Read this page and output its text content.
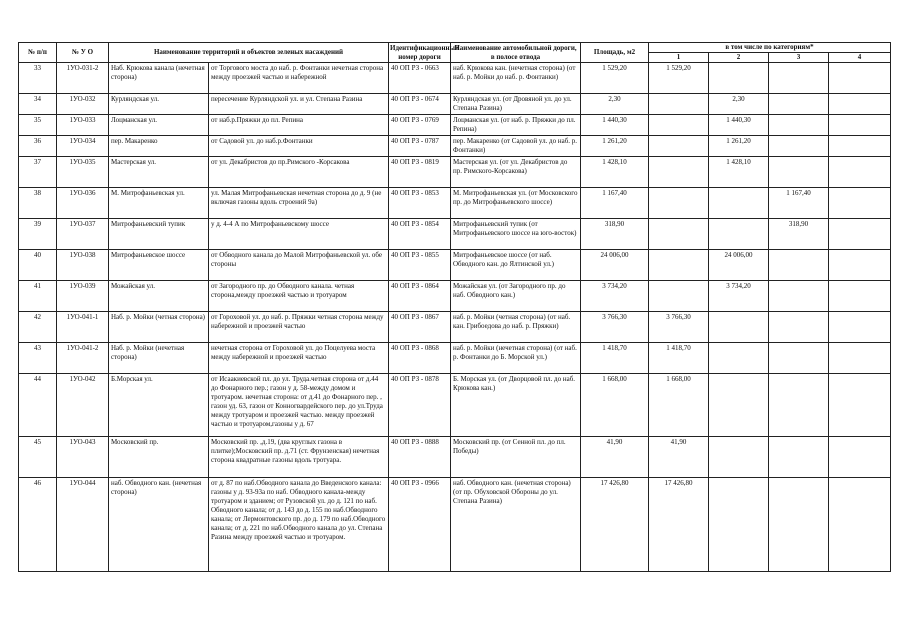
№ п/п	№ У О	Наименование территорий и объектов зеленых насаждений		Идентификационный номер дороги	Наименование автомобильной дороги, в полосе отвода	Площадь, м2	в том числе по категориям*			
							1	2	3	4
33	1УО-031-2	Наб. Крюкова канала (нечетная сторона)	от Торгового моста до наб. р. Фонтанки нечетная сторона между проезжей частью и набережной	40 ОП РЗ - 0663	наб. Крюкова кан. (нечетная сторона) (от наб. р. Мойки до наб. р. Фонтанки)	1 529,20	1 529,20			
34	1УО-032	Курляндская ул.	пересечение Курляндской ул. и ул. Степана Разина	40 ОП РЗ - 0674	Курляндская ул. (от Дровяной ул. до ул. Степана Разина)	2,30		2,30		
35	1УО-033	Лоцманская ул.	от наб.р.Пряжки до пл. Репина	40 ОП РЗ - 0769	Лоцманская ул. (от наб. р. Пряжки до пл. Репина)	1 440,30		1 440,30		
36	1УО-034	пер. Макаренко	от Садовой ул. до наб.р.Фонтанки	40 ОП РЗ - 0787	пер. Макаренко (от Садовой ул. до наб. р. Фонтанки)	1 261,20		1 261,20		
37	1УО-035	Мастерская ул.	от ул. Декабристов до пр.Римского -Корсакова	40 ОП РЗ - 0819	Мастерская ул. (от ул. Декабристов до пр. Римского-Корсакова)	1 428,10		1 428,10		
38	1УО-036	М. Митрофаньевская ул.	ул. Малая Митрофаньевская нечетная сторона до д. 9 (не включая газоны вдоль строений 9а)	40 ОП РЗ - 0853	М. Митрофаньевская ул. (от Московского пр. до Митрофаньевского шоссе)	1 167,40			1 167,40	
39	1УО-037	Митрофаньевский тупик	у д. 4-4 А по Митрофаньевскому шоссе	40 ОП РЗ - 0854	Митрофаньевский тупик (от Митрофаньевского шоссе на юго-восток)	318,90			318,90	
40	1УО-038	Митрофаньевское шоссе	от Обводного канала до Малой Митрофаньевской ул. обе стороны	40 ОП РЗ - 0855	Митрофаньевское шоссе (от наб. Обводного кан. до Ялтинской ул.)	24 006,00		24 006,00		
41	1УО-039	Можайская ул.	от Загородного пр. до Обводного канала. четная сторона,между проезжей частью и тротуаром	40 ОП РЗ - 0864	Можайская ул. (от Загородного пр. до наб. Обводного кан.)	3 734,20		3 734,20		
42	1УО-041-1	Наб. р. Мойки (четная сторона)	от Гороховой ул. до наб. р. Пряжки четная сторона между набережной и проезжей частью	40 ОП РЗ - 0867	наб. р. Мойки (четная сторона) (от наб. кан. Грибоедова до наб. р. Пряжки)	3 766,30	3 766,30			
43	1УО-041-2	Наб. р. Мойки (нечетная сторона)	нечетная сторона от Гороховой ул. до Поцелуева моста между набережной и проезжей частью	40 ОП РЗ - 0868	наб. р. Мойки (нечетная сторона) (от наб. р. Фонтанки до Б. Морской ул.)	1 418,70	1 418,70			
44	1УО-042	Б.Морская ул.	от Исаакиевской пл. до ул. Труда.четная сторона от д.44 до Фонарного пер.; газон у д. 58-между домом и тротуаром. нечетная сторона: от д.41 до Фонарного пер. , газон уд. 63, газон от Конногвардейского пер. до ул.Труда между тротуаром и проезжей частью. между проезжей частью и тротуаром,газоны у д. 67	40 ОП РЗ - 0878	Б. Морская ул. (от Дворцовой пл. до наб. Крюкова кан.)	1 668,00	1 668,00			
45	1УО-043	Московский пр.	Московский пр. ,д.19, (два круглых газона в плитке);Московский пр. д.71 (ст. Фрунзенская) нечетная сторона квадратные газоны вдоль тротуара.	40 ОП РЗ - 0888	Московский пр. (от Сенной пл. до пл. Победы)	41,90	41,90			
46	1УО-044	наб. Обводного кан. (нечетная сторона)	от д. 87 по наб.Обводного канала до Введенского канала: газоны у д. 93-93а по наб. Обводного канала-между тротуаром и зданием; от Рузовской ул. до д. 121 по наб. Обводного канала; от д. 143 до д. 155 по наб.Обводного канала; от Лермонтовского пр. до д. 179 по наб.Обводного канала; от д. 221 по наб.Обводного канала до ул. Степана Разина между проезжей частью и тротуаром.	40 ОП РЗ - 0966	наб. Обводного кан. (нечетная сторона) (от пр. Обуховской Обороны до ул. Степана Разина)	17 426,80	17 426,80			
